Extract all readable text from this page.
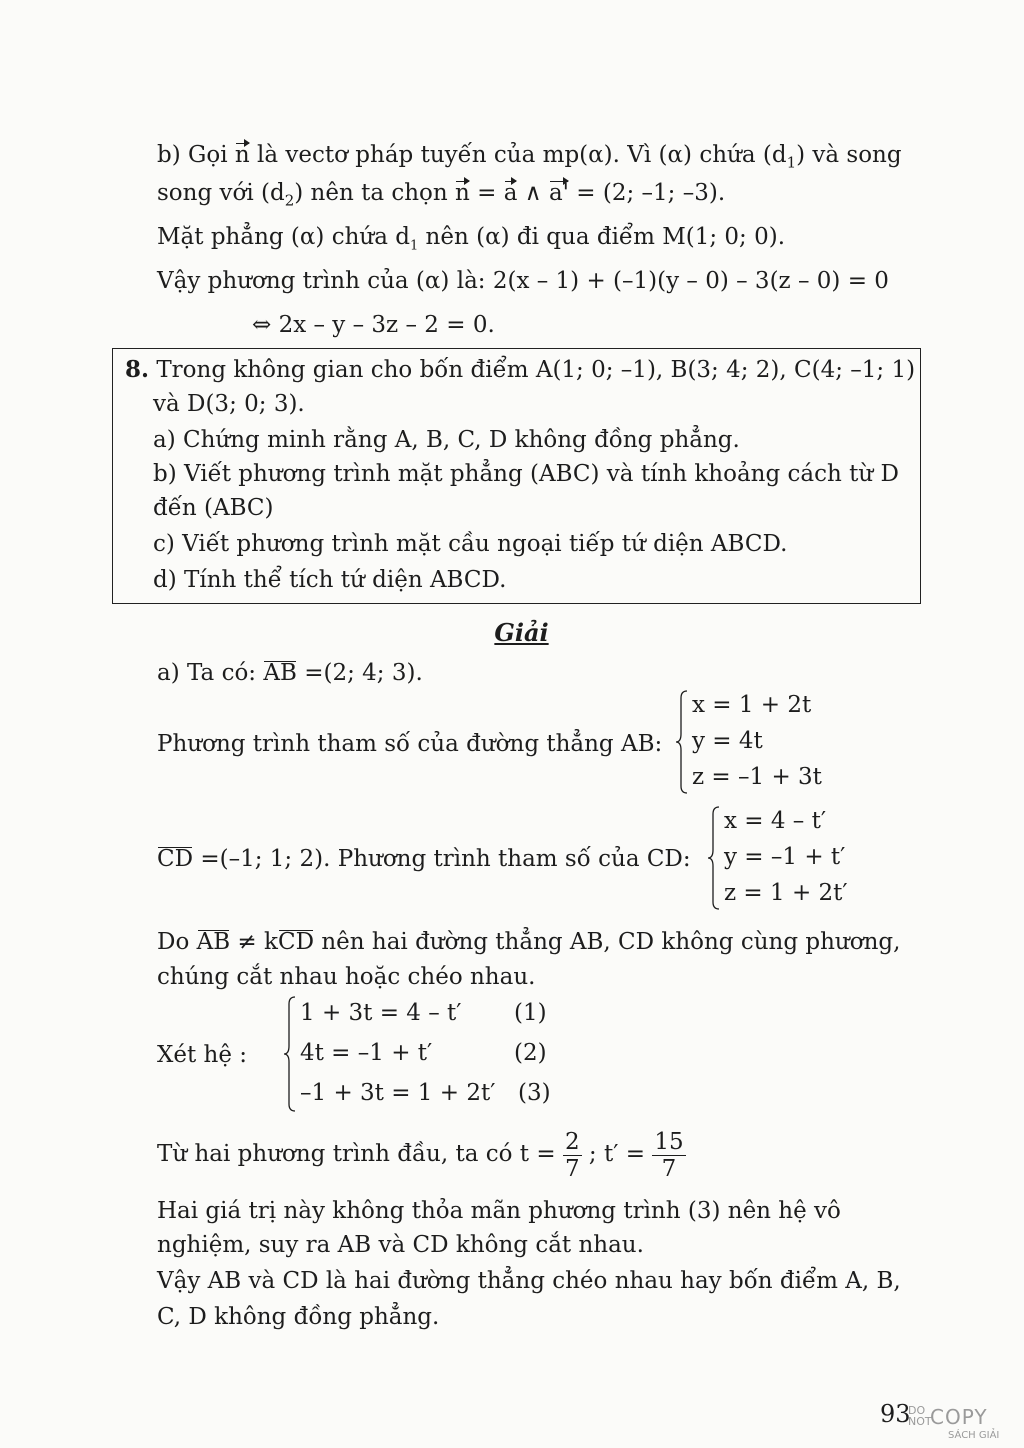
b) Gọi n là vectơ pháp tuyến của mp(α). Vì (α) chứa $(d_1)$ và song
song với $(d_2)$ nên ta chọn n = a ∧ a' = (2; –1; –3).
Mặt phẳng (α) chứa $d_1$ nên (α) đi qua điểm M(1; 0; 0).
Vậy phương trình của (α) là: 2(x – 1) + (–1)(y – 0) – 3(z – 0) = 0
⇔ 2x – y – 3z – 2 = 0.
8. Trong không gian cho bốn điểm A(1; 0; –1), B(3; 4; 2), C(4; –1; 1)
và D(3; 0; 3).
a) Chứng minh rằng A, B, C, D không đồng phẳng.
b) Viết phương trình mặt phẳng (ABC) và tính khoảng cách từ D
đến (ABC)
c) Viết phương trình mặt cầu ngoại tiếp tứ diện ABCD.
d) Tính thể tích tứ diện ABCD.
Giải
a) Ta có: AB =(2; 4; 3).
Phương trình tham số của đường thẳng AB:
x = 1 + 2t
y = 4t
z = –1 + 3t
CD =(–1; 1; 2). Phương trình tham số của CD:
x = 4 – t′
y = –1 + t′
z = 1 + 2t′
Do AB ≠ kCD nên hai đường thẳng AB, CD không cùng phương,
chúng cắt nhau hoặc chéo nhau.
Xét hệ :
1 + 3t = 4 – t′
4t = –1 + t′
–1 + 3t = 1 + 2t′
(1)
(2)
(3)
Từ hai phương trình đầu, ta có $t = \frac{2}{7}$ ; $t' = \frac{15}{7}$
Hai giá trị này không thỏa mãn phương trình (3) nên hệ vô
nghiệm, suy ra AB và CD không cắt nhau.
Vậy AB và CD là hai đường thẳng chéo nhau hay bốn điểm A, B,
C, D không đồng phẳng.
93
DO NOT
COPY
SÁCH GIẢI
